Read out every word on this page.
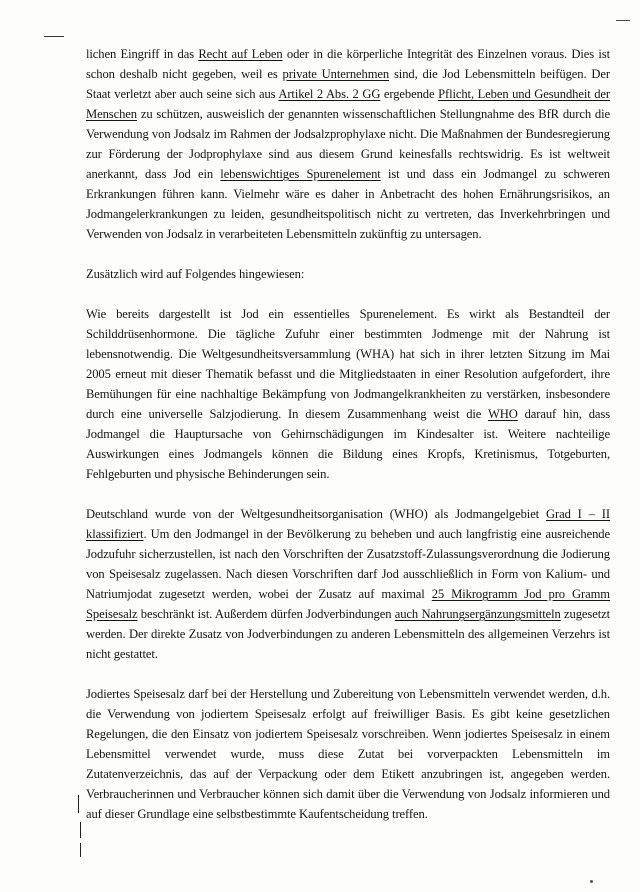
lichen Eingriff in das Recht auf Leben oder in die körperliche Integrität des Einzelnen voraus. Dies ist schon deshalb nicht gegeben, weil es private Unternehmen sind, die Jod Lebensmitteln beifügen. Der Staat verletzt aber auch seine sich aus Artikel 2 Abs. 2 GG ergebende Pflicht, Leben und Gesundheit der Menschen zu schützen, ausweislich der genannten wissenschaftlichen Stellungnahme des BfR durch die Verwendung von Jodsalz im Rahmen der Jodsalzprophylaxe nicht. Die Maßnahmen der Bundesregierung zur Förderung der Jodprophylaxe sind aus diesem Grund keinesfalls rechtswidrig. Es ist weltweit anerkannt, dass Jod ein lebenswichtiges Spurenelement ist und dass ein Jodmangel zu schweren Erkrankungen führen kann. Vielmehr wäre es daher in Anbetracht des hohen Ernährungsrisikos, an Jodmangelerkrankungen zu leiden, gesundheitspolitisch nicht zu vertreten, das Inverkehrbringen und Verwenden von Jodsalz in verarbeiteten Lebensmitteln zukünftig zu untersagen.

Zusätzlich wird auf Folgendes hingewiesen:

Wie bereits dargestellt ist Jod ein essentielles Spurenelement. Es wirkt als Bestandteil der Schilddrüsenhormone. Die tägliche Zufuhr einer bestimmten Jodmenge mit der Nahrung ist lebensnotwendig. Die Weltgesundheitsversammlung (WHA) hat sich in ihrer letzten Sitzung im Mai 2005 erneut mit dieser Thematik befasst und die Mitgliedstaaten in einer Resolution aufgefordert, ihre Bemühungen für eine nachhaltige Bekämpfung von Jodmangelkrankheiten zu verstärken, insbesondere durch eine universelle Salzjodierung. In diesem Zusammenhang weist die WHO darauf hin, dass Jodmangel die Hauptursache von Gehirnschädigungen im Kindesalter ist. Weitere nachteilige Auswirkungen eines Jodmangels können die Bildung eines Kropfs, Kretinismus, Totgeburten, Fehlgeburten und physische Behinderungen sein.

Deutschland wurde von der Weltgesundheitsorganisation (WHO) als Jodmangelgebiet Grad I – II klassifiziert. Um den Jodmangel in der Bevölkerung zu beheben und auch langfristig eine ausreichende Jodzufuhr sicherzustellen, ist nach den Vorschriften der Zusatzstoff-Zulassungsverordnung die Jodierung von Speisesalz zugelassen. Nach diesen Vorschriften darf Jod ausschließlich in Form von Kalium- und Natriumjodat zugesetzt werden, wobei der Zusatz auf maximal 25 Mikrogramm Jod pro Gramm Speisesalz beschränkt ist. Außerdem dürfen Jodverbindungen auch Nahrungsergänzungsmitteln zugesetzt werden. Der direkte Zusatz von Jodverbindungen zu anderen Lebensmitteln des allgemeinen Verzehrs ist nicht gestattet.

Jodiertes Speisesalz darf bei der Herstellung und Zubereitung von Lebensmitteln verwendet werden, d.h. die Verwendung von jodiertem Speisesalz erfolgt auf freiwilliger Basis. Es gibt keine gesetzlichen Regelungen, die den Einsatz von jodiertem Speisesalz vorschreiben. Wenn jodiertes Speisesalz in einem Lebensmittel verwendet wurde, muss diese Zutat bei vorverpackten Lebensmitteln im Zutatenverzeichnis, das auf der Verpackung oder dem Etikett anzubringen ist, angegeben werden. Verbraucherinnen und Verbraucher können sich damit über die Verwendung von Jodsalz informieren und auf dieser Grundlage eine selbstbestimmte Kaufentscheidung treffen.
